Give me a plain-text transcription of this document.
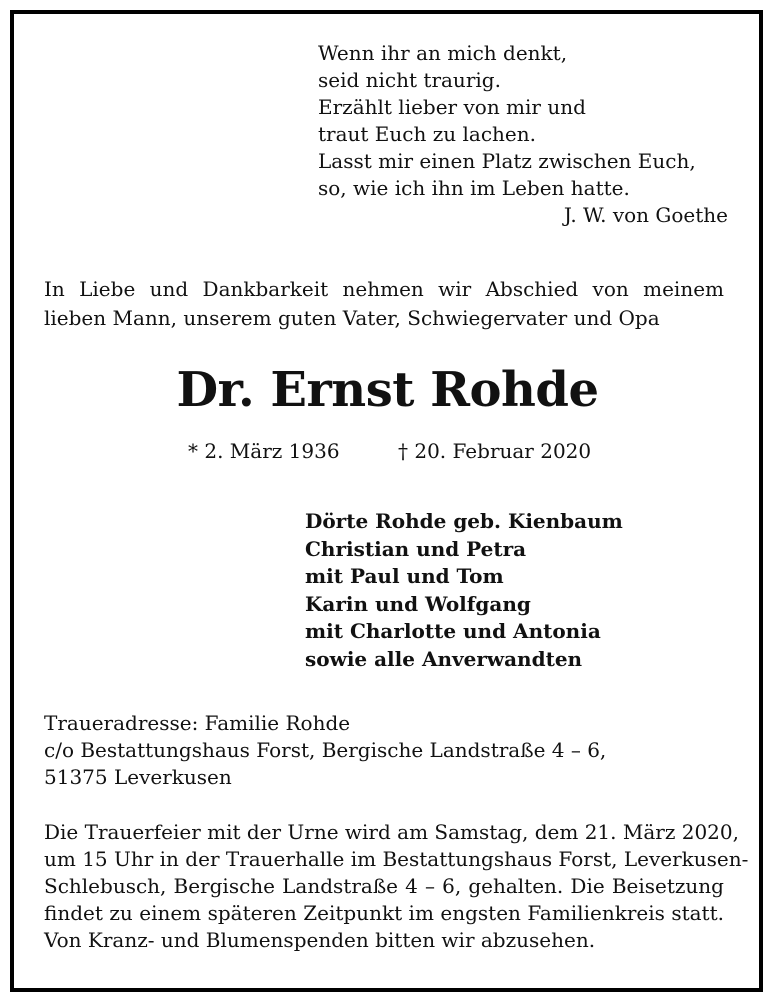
Wenn ihr an mich denkt,
seid nicht traurig.
Erzählt lieber von mir und
traut Euch zu lachen.
Lasst mir einen Platz zwischen Euch,
so, wie ich ihn im Leben hatte.
J. W. von Goethe
In Liebe und Dankbarkeit nehmen wir Abschied von meinem
lieben Mann, unserem guten Vater, Schwiegervater und Opa
Dr. Ernst Rohde
* 2. März 1936	† 20. Februar 2020
Dörte Rohde geb. Kienbaum
Christian und Petra
mit Paul und Tom
Karin und Wolfgang
mit Charlotte und Antonia
sowie alle Anverwandten
Traueradresse: Familie Rohde
c/o Bestattungshaus Forst, Bergische Landstraße 4 – 6,
51375 Leverkusen
Die Trauerfeier mit der Urne wird am Samstag, dem 21. März 2020,
um 15 Uhr in der Trauerhalle im Bestattungshaus Forst, Leverkusen-
Schlebusch, Bergische Landstraße 4 – 6, gehalten. Die Beisetzung
findet zu einem späteren Zeitpunkt im engsten Familienkreis statt.
Von Kranz- und Blumenspenden bitten wir abzusehen.
